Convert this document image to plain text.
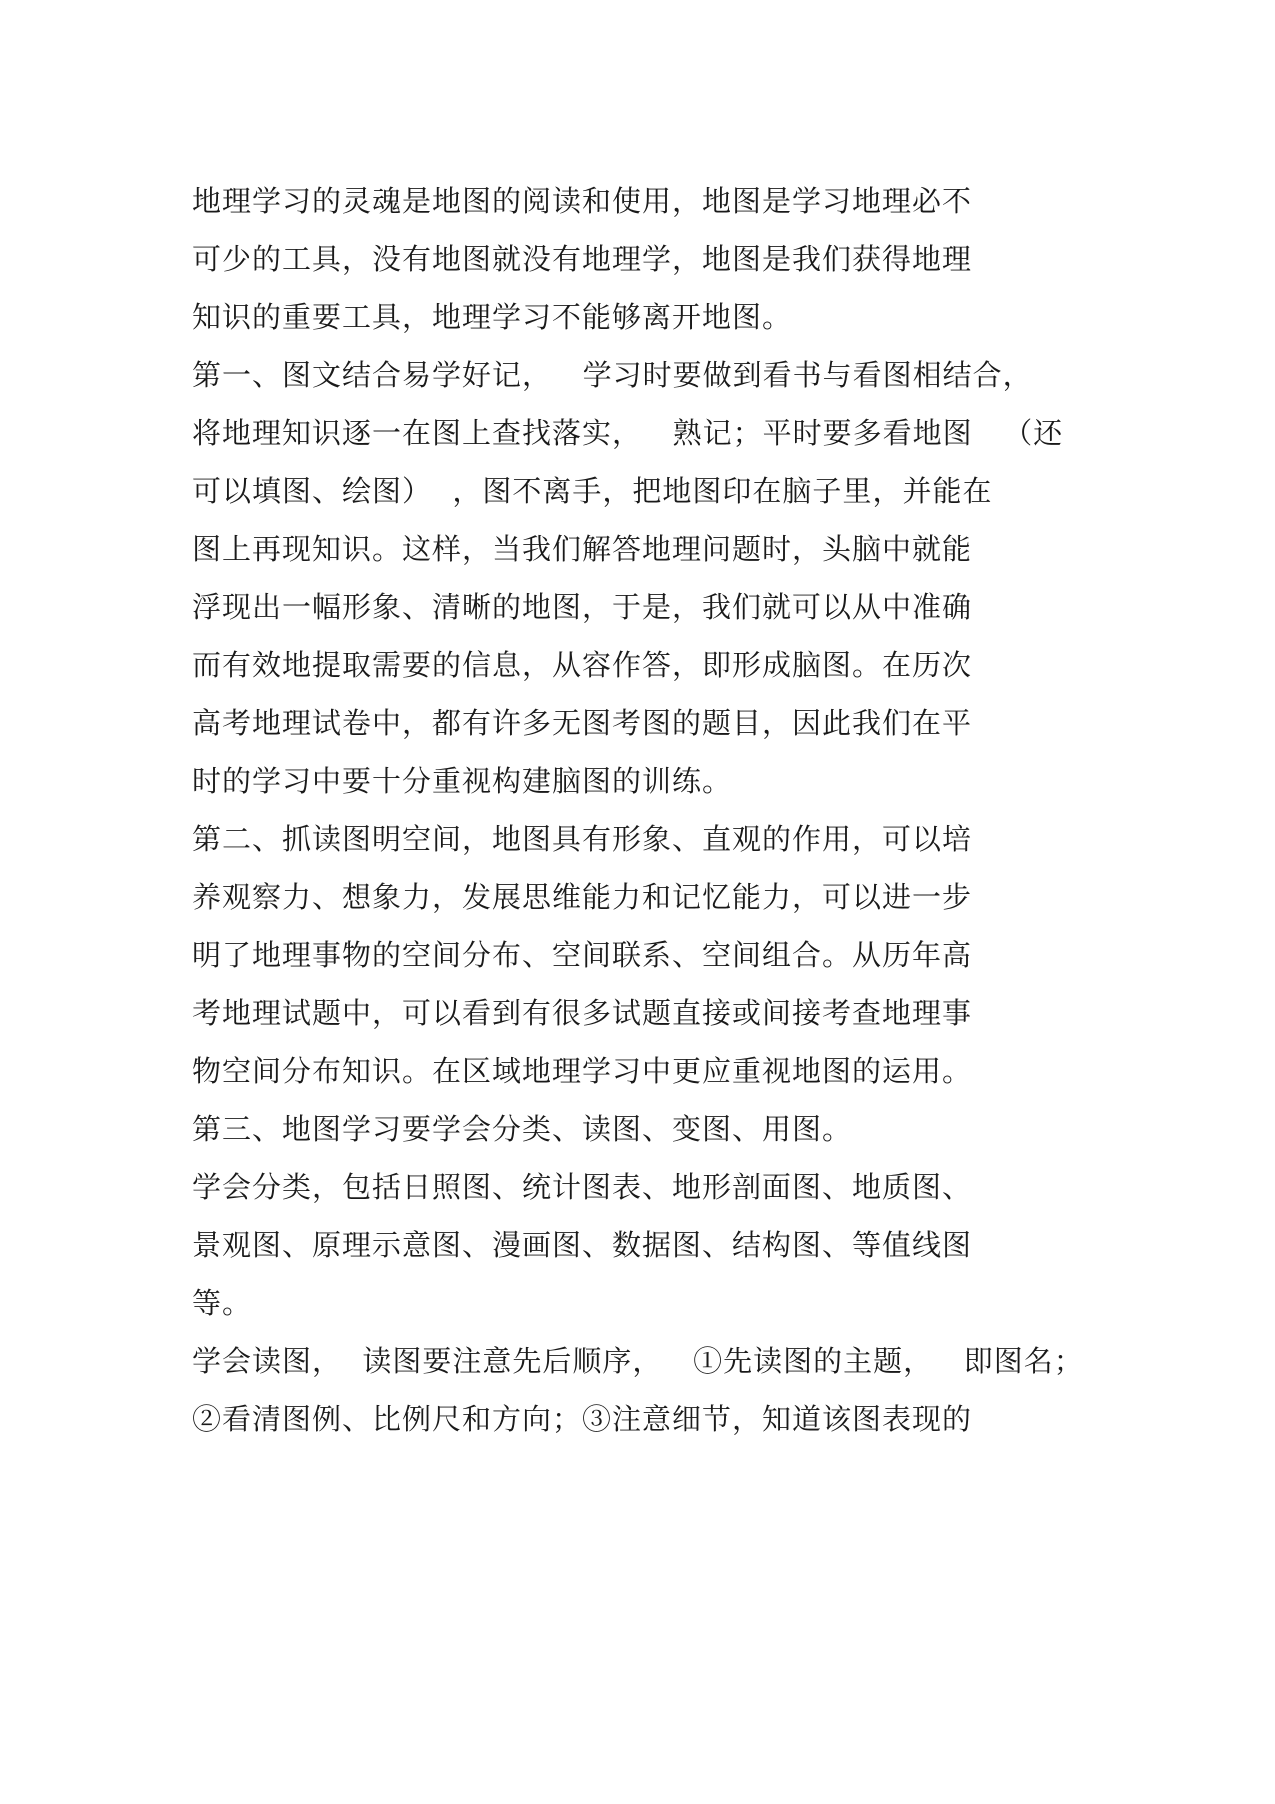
地理学习的灵魂是地图的阅读和使用，地图是学习地理必不
可少的工具，没有地图就没有地理学，地图是我们获得地理
知识的重要工具，地理学习不能够离开地图。
第一、图文结合易学好记，   学习时要做到看书与看图相结合，
将地理知识逐一在图上查找落实，   熟记；平时要多看地图   （还
可以填图、绘图）  ，图不离手，把地图印在脑子里，并能在
图上再现知识。这样，当我们解答地理问题时，头脑中就能
浮现出一幅形象、清晰的地图，于是，我们就可以从中准确
而有效地提取需要的信息，从容作答，即形成脑图。在历次
高考地理试卷中，都有许多无图考图的题目，因此我们在平
时的学习中要十分重视构建脑图的训练。
第二、抓读图明空间，地图具有形象、直观的作用，可以培
养观察力、想象力，发展思维能力和记忆能力，可以进一步
明了地理事物的空间分布、空间联系、空间组合。从历年高
考地理试题中，可以看到有很多试题直接或间接考查地理事
物空间分布知识。在区域地理学习中更应重视地图的运用。
第三、地图学习要学会分类、读图、变图、用图。
学会分类，包括日照图、统计图表、地形剖面图、地质图、
景观图、原理示意图、漫画图、数据图、结构图、等值线图
等。
学会读图，  读图要注意先后顺序，   ①先读图的主题，   即图名；
②看清图例、比例尺和方向；③注意细节，知道该图表现的
